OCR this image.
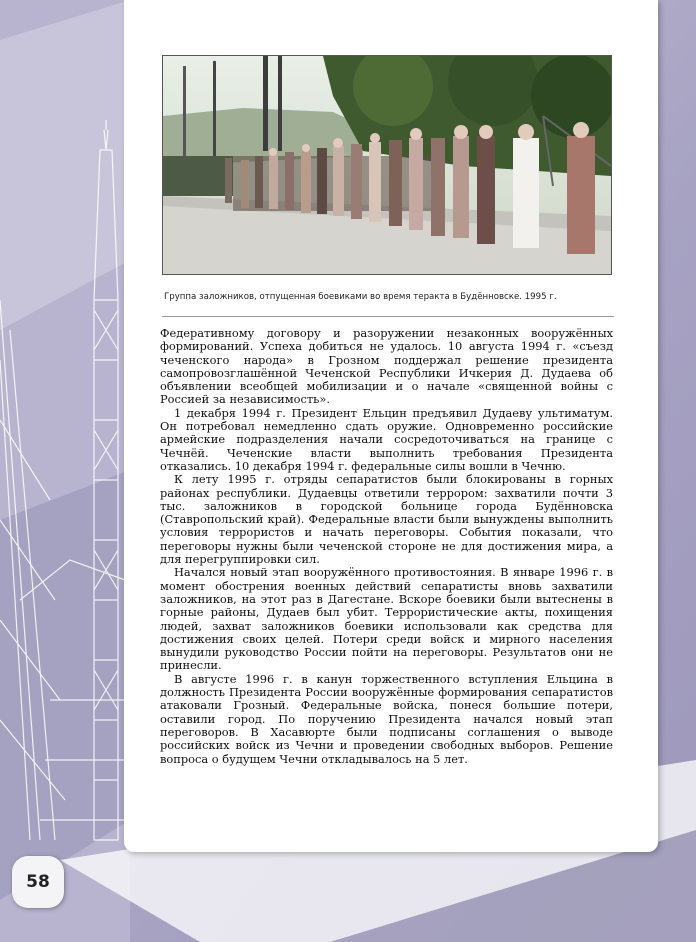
Группа заложников, отпущенная боевиками во время теракта в Будённовске. 1995 г.

Федеративному договору и разоружении незаконных вооружённых формирований. Успеха добиться не удалось. 10 августа 1994 г. «съезд чеченского народа» в Грозном поддержал решение президента самопровозглашённой Чеченской Республики Ичкерия Д. Дудаева об объявлении всеобщей мобилизации и о начале «священной войны с Россией за независимость».

1 декабря 1994 г. Президент Ельцин предъявил Дудаеву ультиматум. Он потребовал немедленно сдать оружие. Одновременно российские армейские подразделения начали сосредоточиваться на границе с Чечнёй. Чеченские власти выполнить требования Президента отказались. 10 декабря 1994 г. федеральные силы вошли в Чечню.

К лету 1995 г. отряды сепаратистов были блокированы в горных районах республики. Дудаевцы ответили террором: захватили почти 3 тыс. заложников в городской больнице города Будённовска (Ставропольский край). Федеральные власти были вынуждены выполнить условия террористов и начать переговоры. События показали, что переговоры нужны были чеченской стороне не для достижения мира, а для перегруппировки сил.

Начался новый этап вооружённого противостояния. В январе 1996 г. в момент обострения военных действий сепаратисты вновь захватили заложников, на этот раз в Дагестане. Вскоре боевики были вытеснены в горные районы, Дудаев был убит. Террористические акты, похищения людей, захват заложников боевики использовали как средства для достижения своих целей. Потери среди войск и мирного населения вынудили руководство России пойти на переговоры. Результатов они не принесли.

В августе 1996 г. в канун торжественного вступления Ельцина в должность Президента России вооружённые формирования сепаратистов атаковали Грозный. Федеральные войска, понеся большие потери, оставили город. По поручению Президента начался новый этап переговоров. В Хасавюрте были подписаны соглашения о выводе российских войск из Чечни и проведении свободных выборов. Решение вопроса о будущем Чечни откладывалось на 5 лет.

58
